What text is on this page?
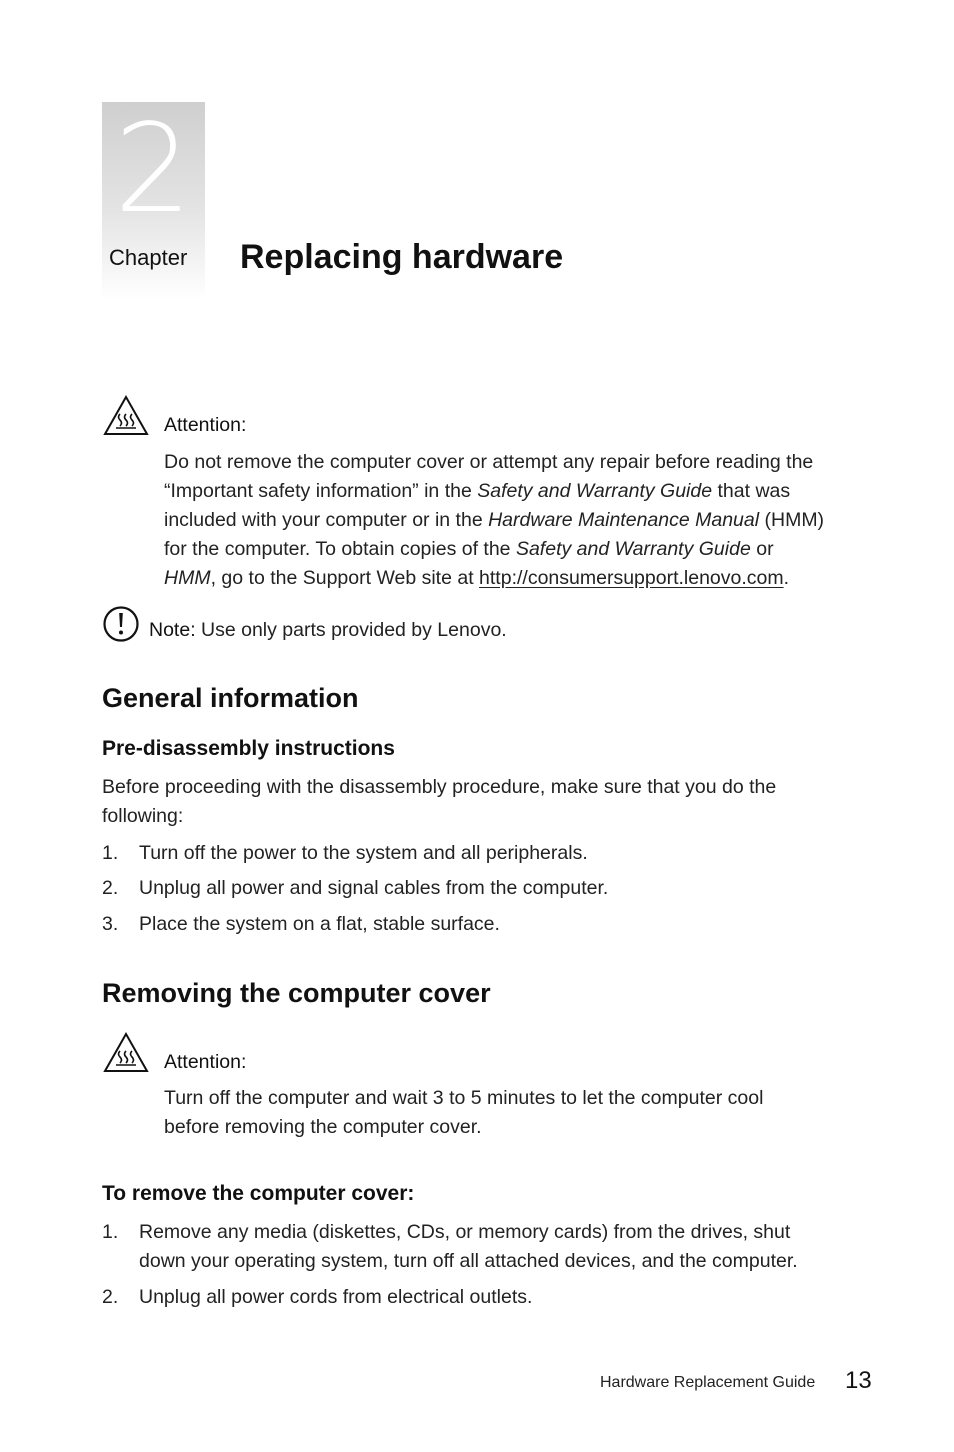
2
Chapter Replacing hardware
Attention:
Do not remove the computer cover or attempt any repair before reading the
“Important safety information” in the Safety and Warranty Guide that was
included with your computer or in the Hardware Maintenance Manual (HMM)
for the computer. To obtain copies of the Safety and Warranty Guide or
HMM, go to the Support Web site at http://consumersupport.lenovo.com.
Note: Use only parts provided by Lenovo.
General information
Pre-disassembly instructions
Before proceeding with the disassembly procedure, make sure that you do the
following:
1. Turn off the power to the system and all peripherals.
2. Unplug all power and signal cables from the computer.
3. Place the system on a flat, stable surface.
Removing the computer cover
Attention:
Turn off the computer and wait 3 to 5 minutes to let the computer cool
before removing the computer cover.
To remove the computer cover:
1. Remove any media (diskettes, CDs, or memory cards) from the drives, shut
down your operating system, turn off all attached devices, and the computer.
2. Unplug all power cords from electrical outlets.
Hardware Replacement Guide 13
